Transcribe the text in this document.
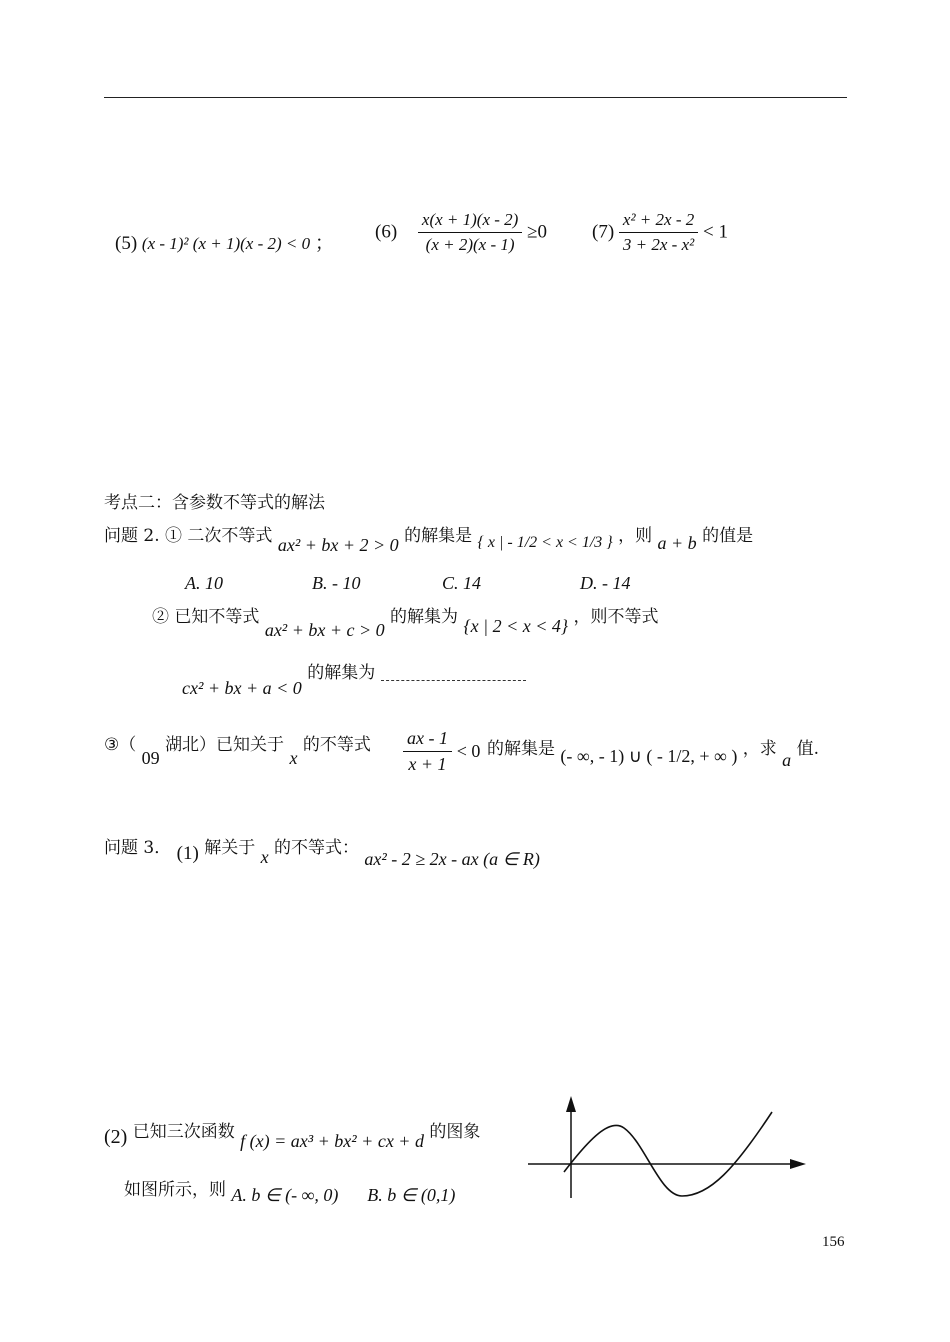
(5) (x - 1)² (x + 1)(x - 2) < 0 ；
$(6) \frac{x(x + 1)(x - 2)}{(x + 2)(x - 1)} \ge 0$ $(7) \frac{\text{x² + 2x - 2}}{\text{3 + 2x - x²}} < 1$
考点二：含参数不等式的解法
问题 2. ① 二次不等式 ax² + bx + 2 > 0 的解集是 { x | - 1/2 < x < 1/3 } ，则 a + b 的值是
A. 10	B. - 10	C. 14	D. - 14
② 已知不等式 ax² + bx + c > 0 的解集为 {x | 2 < x < 4} ，则不等式
cx² + bx + a < 0 的解集为
③（ 09 湖北）已知关于 x 的不等式 $\frac{ax - 1}{x + 1} < 0$ 的解集是 (- ∞, - 1) ∪ ( - 1/2, + ∞ ) ，求 a 值.
问题 3． (1) 解关于 x 的不等式： ax² - 2 ≥ 2x - ax (a ∈ R)
(2) 已知三次函数 f (x) = ax³ + bx² + cx + d 的图象
如图所示，则 A. b ∈ (- ∞, 0) B. b ∈ (0,1)
156
